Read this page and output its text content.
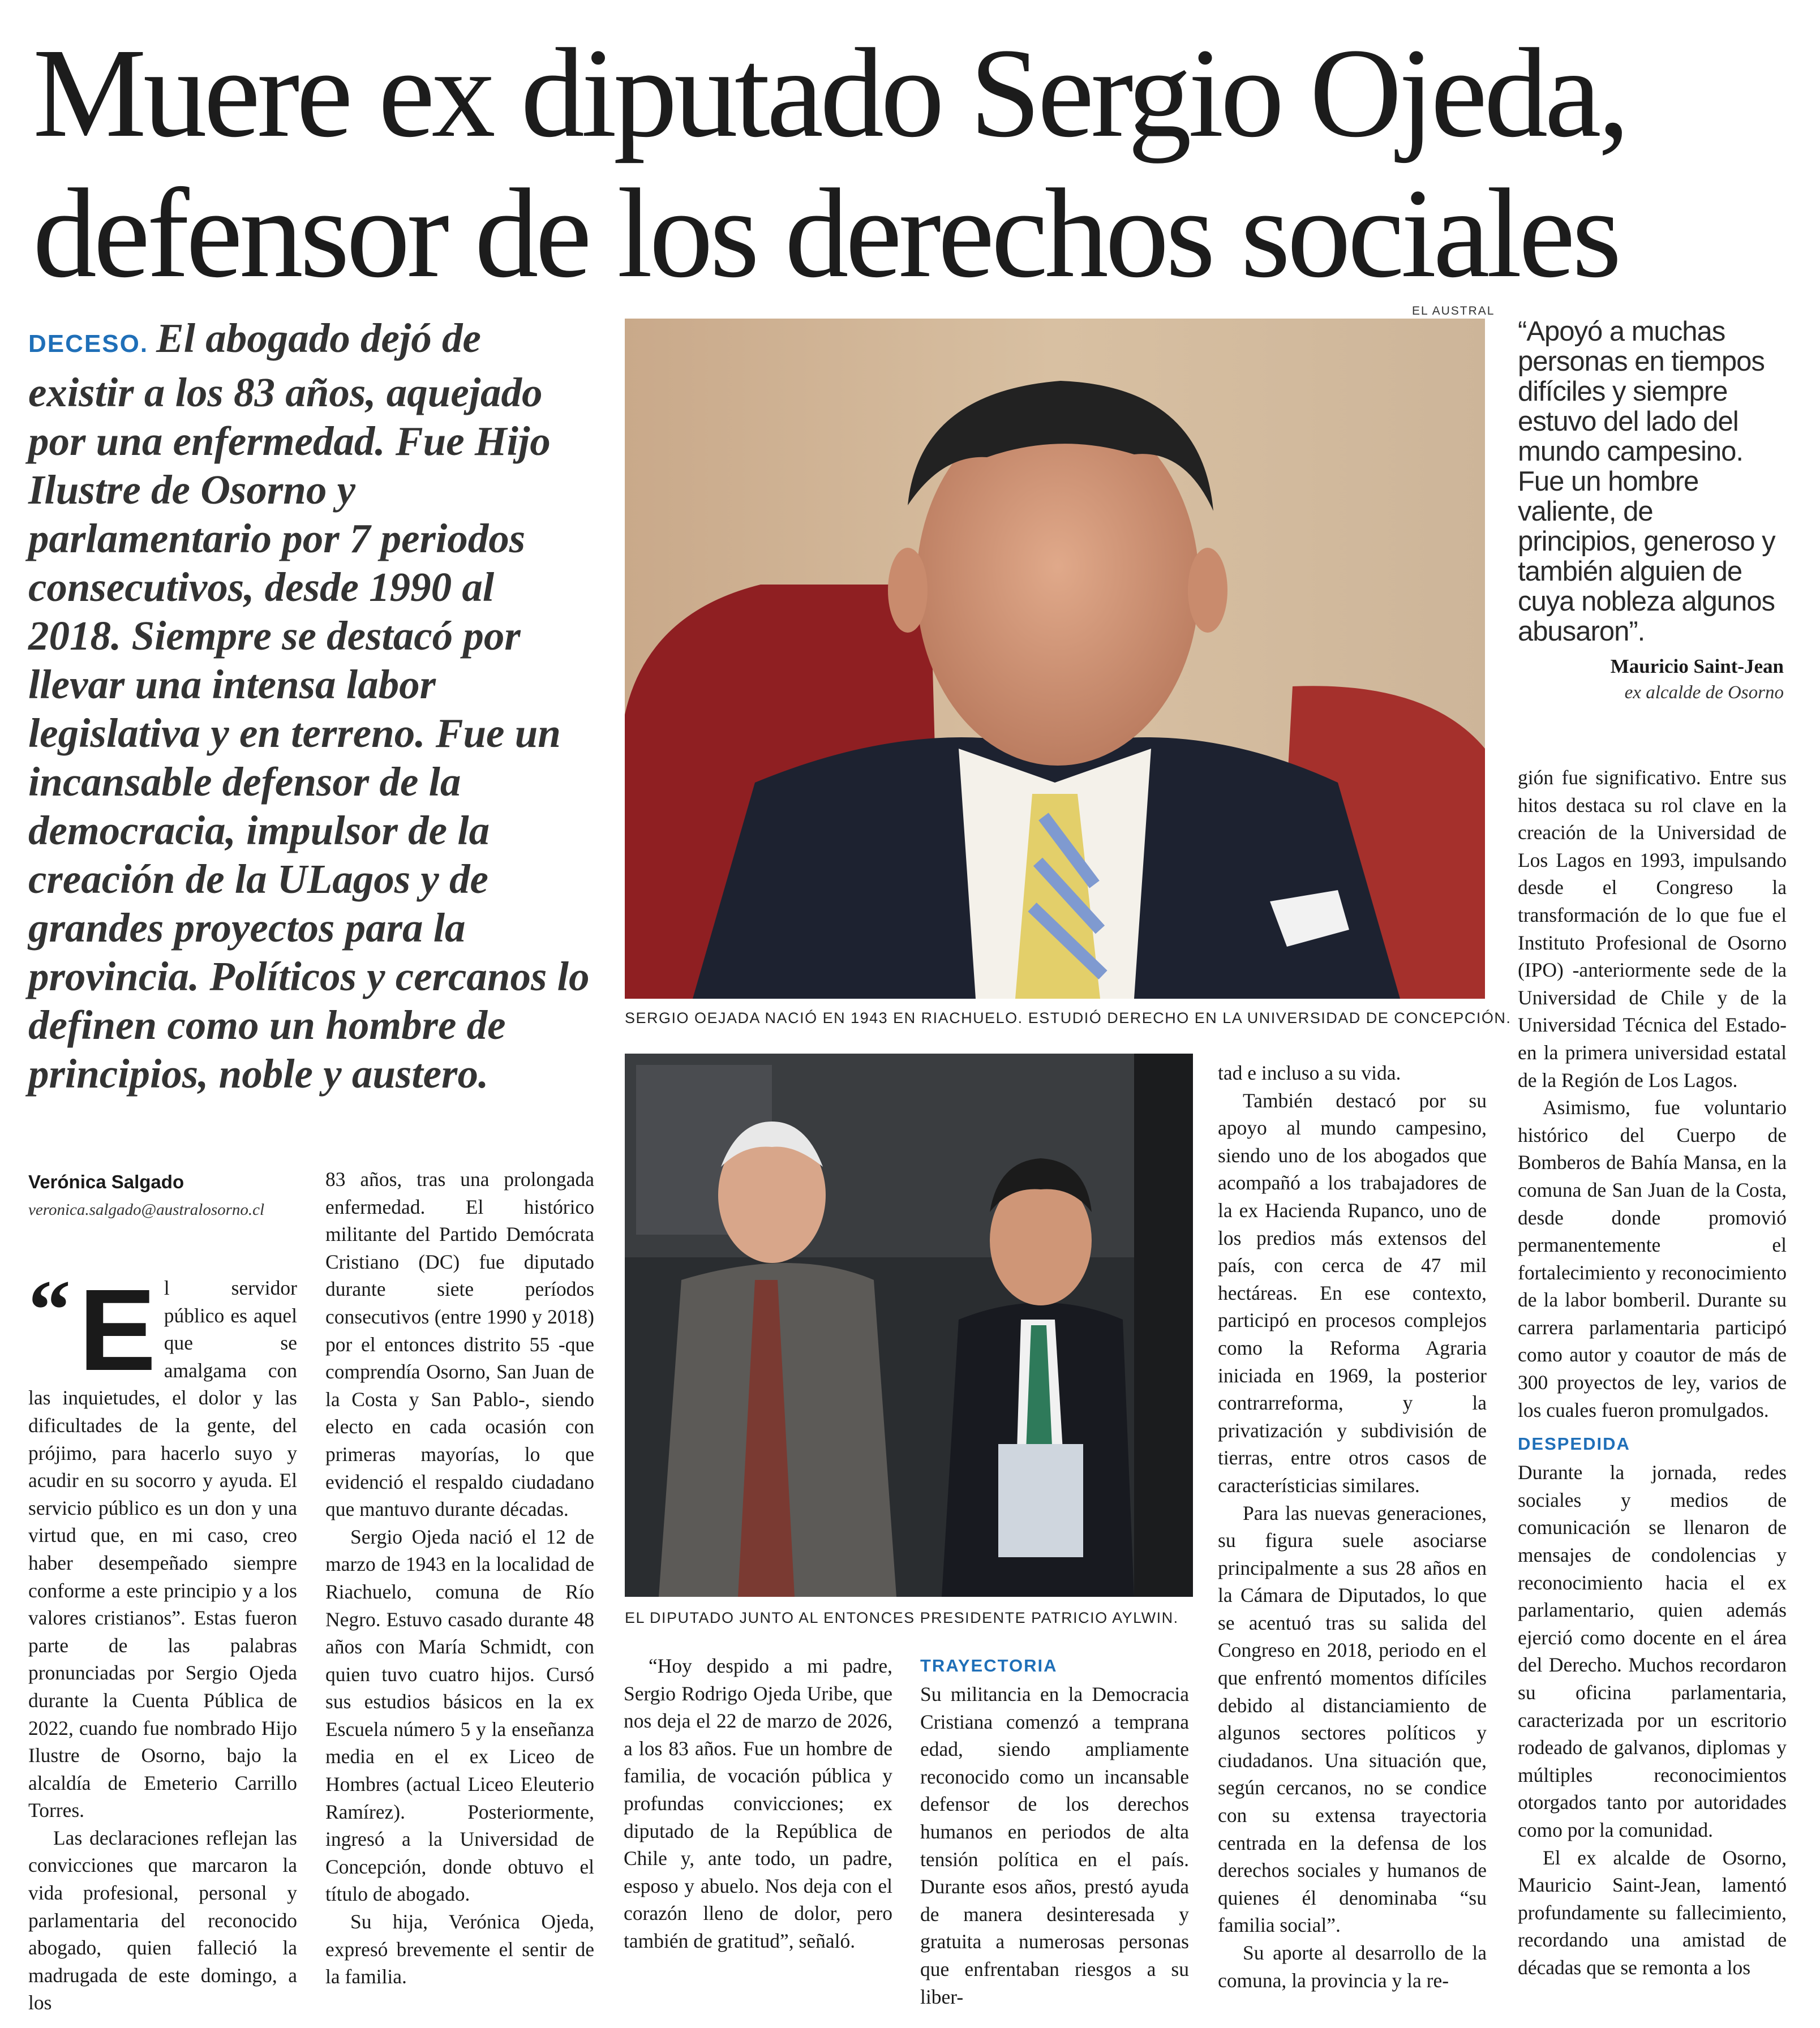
Muere ex diputado Sergio Ojeda,
defensor de los derechos sociales
DECESO. El abogado dejó de existir a los 83 años, aquejado por una enfermedad. Fue Hijo Ilustre de Osorno y parlamentario por 7 periodos consecutivos, desde 1990 al 2018. Siempre se destacó por llevar una intensa labor legislativa y en terreno. Fue un incansable defensor de la democracia, impulsor de la creación de la ULagos y de grandes proyectos para la provincia. Políticos y cercanos lo definen como un hombre de principios, noble y austero.
EL AUSTRAL
SERGIO OEJADA NACIÓ EN 1943 EN RIACHUELO. ESTUDIÓ DERECHO EN LA UNIVERSIDAD DE CONCEPCIÓN.
“Apoyó a muchas personas en tiempos difíciles y siempre estuvo del lado del mundo campesino. Fue un hombre valiente, de principios, generoso y también alguien de cuya nobleza algunos abusaron”.
Mauricio Saint-Jean
ex alcalde de Osorno
EL DIPUTADO JUNTO AL ENTONCES PRESIDENTE PATRICIO AYLWIN.
Verónica Salgado
veronica.salgado@australosorno.cl
“ E l servidor público es aquel que se amalgama con las inquietudes, el dolor y las dificultades de la gente, del prójimo, para hacerlo suyo y acudir en su socorro y ayuda. El servicio público es un don y una virtud que, en mi caso, creo haber desempeñado siempre conforme a este principio y a los valores cristianos”. Estas fueron parte de las palabras pronunciadas por Sergio Ojeda durante la Cuenta Pública de 2022, cuando fue nombrado Hijo Ilustre de Osorno, bajo la alcaldía de Emeterio Carrillo Torres.

Las declaraciones reflejan las convicciones que marcaron la vida profesional, personal y parlamentaria del reconocido abogado, quien falleció la madrugada de este domingo, a los

83 años, tras una prolongada enfermedad. El histórico militante del Partido Demócrata Cristiano (DC) fue diputado durante siete períodos consecutivos (entre 1990 y 2018) por el entonces distrito 55 -que comprendía Osorno, San Juan de la Costa y San Pablo-, siendo electo en cada ocasión con primeras mayorías, lo que evidenció el respaldo ciudadano que mantuvo durante décadas.

Sergio Ojeda nació el 12 de marzo de 1943 en la localidad de Riachuelo, comuna de Río Negro. Estuvo casado durante 48 años con María Schmidt, con quien tuvo cuatro hijos. Cursó sus estudios básicos en la ex Escuela número 5 y la enseñanza media en el ex Liceo de Hombres (actual Liceo Eleuterio Ramírez). Posteriormente, ingresó a la Universidad de Concepción, donde obtuvo el título de abogado.

Su hija, Verónica Ojeda, expresó brevemente el sentir de la familia.

“Hoy despido a mi padre, Sergio Rodrigo Ojeda Uribe, que nos deja el 22 de marzo de 2026, a los 83 años. Fue un hombre de familia, de vocación pública y profundas convicciones; ex diputado de la República de Chile y, ante todo, un padre, esposo y abuelo. Nos deja con el corazón lleno de dolor, pero también de gratitud”, señaló.

TRAYECTORIA

Su militancia en la Democracia Cristiana comenzó a temprana edad, siendo ampliamente reconocido como un incansable defensor de los derechos humanos en periodos de alta tensión política en el país. Durante esos años, prestó ayuda de manera desinteresada y gratuita a numerosas personas que enfrentaban riesgos a su liber-

tad e incluso a su vida.

También destacó por su apoyo al mundo campesino, siendo uno de los abogados que acompañó a los trabajadores de la ex Hacienda Rupanco, uno de los predios más extensos del país, con cerca de 47 mil hectáreas. En ese contexto, participó en procesos complejos como la Reforma Agraria iniciada en 1969, la posterior contrarreforma, y la privatización y subdivisión de tierras, entre otros casos de característicias similares.

Para las nuevas generaciones, su figura suele asociarse principalmente a sus 28 años en la Cámara de Diputados, lo que se acentuó tras su salida del Congreso en 2018, periodo en el que enfrentó momentos difíciles debido al distanciamiento de algunos sectores políticos y ciudadanos. Una situación que, según cercanos, no se condice con su extensa trayectoria centrada en la defensa de los derechos sociales y humanos de quienes él denominaba “su familia social”.

Su aporte al desarrollo de la comuna, la provincia y la re-

gión fue significativo. Entre sus hitos destaca su rol clave en la creación de la Universidad de Los Lagos en 1993, impulsando desde el Congreso la transformación de lo que fue el Instituto Profesional de Osorno (IPO) -anteriormente sede de la Universidad de Chile y de la Universidad Técnica del Estado- en la primera universidad estatal de la Región de Los Lagos.

Asimismo, fue voluntario histórico del Cuerpo de Bomberos de Bahía Mansa, en la comuna de San Juan de la Costa, desde donde promovió permanentemente el fortalecimiento y reconocimiento de la labor bomberil. Durante su carrera parlamentaria participó como autor y coautor de más de 300 proyectos de ley, varios de los cuales fueron promulgados.

DESPEDIDA

Durante la jornada, redes sociales y medios de comunicación se llenaron de mensajes de condolencias y reconocimiento hacia el ex parlamentario, quien además ejerció como docente en el área del Derecho. Muchos recordaron su oficina parlamentaria, caracterizada por un escritorio rodeado de galvanos, diplomas y múltiples reconocimientos otorgados tanto por autoridades como por la comunidad.

El ex alcalde de Osorno, Mauricio Saint-Jean, lamentó profundamente su fallecimiento, recordando una amistad de décadas que se remonta a los
